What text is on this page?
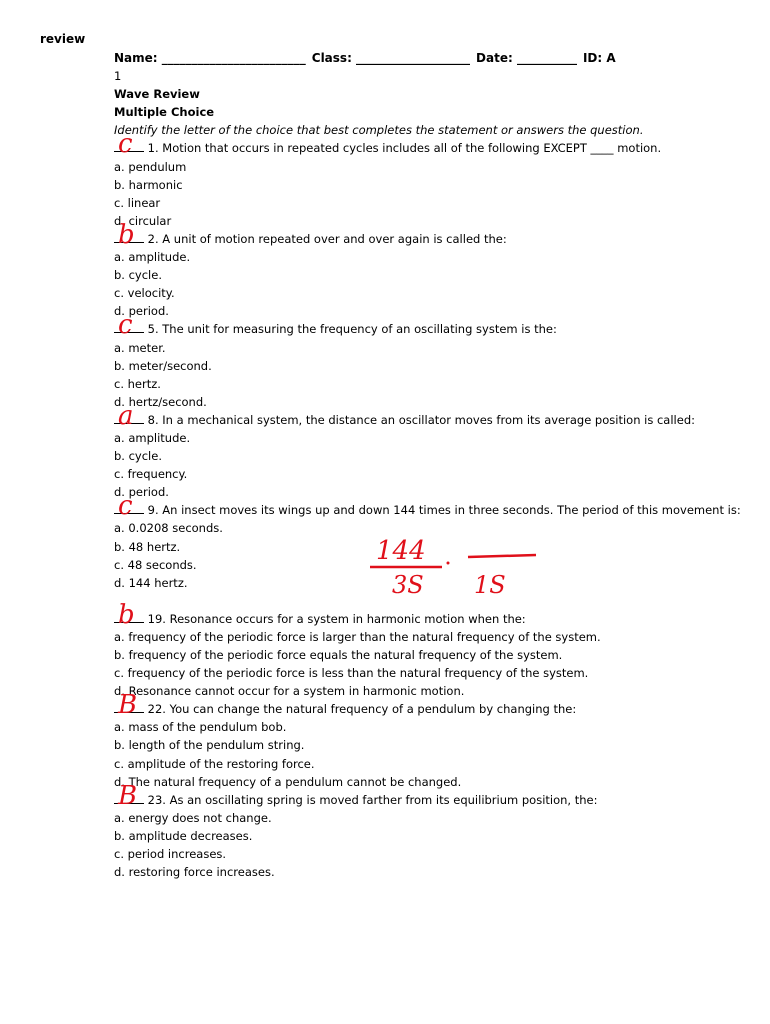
review
Name: ________________________ Class: ___________________ Date: __________ ID: A
1
Wave Review
Multiple Choice
Identify the letter of the choice that best completes the statement or answers the question.
c 1. Motion that occurs in repeated cycles includes all of the following EXCEPT ____ motion.
a. pendulum
b. harmonic
c. linear
d. circular
b 2. A unit of motion repeated over and over again is called the:
a. amplitude.
b. cycle.
c. velocity.
d. period.
c 5. The unit for measuring the frequency of an oscillating system is the:
a. meter.
b. meter/second.
c. hertz.
d. hertz/second.
a 8. In a mechanical system, the distance an oscillator moves from its average position is called:
a. amplitude.
b. cycle.
c. frequency.
d. period.
c 9. An insect moves its wings up and down 144 times in three seconds. The period of this movement is:
a. 0.0208 seconds.
b. 48 hertz.
c. 48 seconds.
d. 144 hertz.
b 19. Resonance occurs for a system in harmonic motion when the:
a. frequency of the periodic force is larger than the natural frequency of the system.
b. frequency of the periodic force equals the natural frequency of the system.
c. frequency of the periodic force is less than the natural frequency of the system.
d. Resonance cannot occur for a system in harmonic motion.
B 22. You can change the natural frequency of a pendulum by changing the:
a. mass of the pendulum bob.
b. length of the pendulum string.
c. amplitude of the restoring force.
d. The natural frequency of a pendulum cannot be changed.
B 23. As an oscillating spring is moved farther from its equilibrium position, the:
a. energy does not change.
b. amplitude decreases.
c. period increases.
d. restoring force increases.
144
3S 1S
